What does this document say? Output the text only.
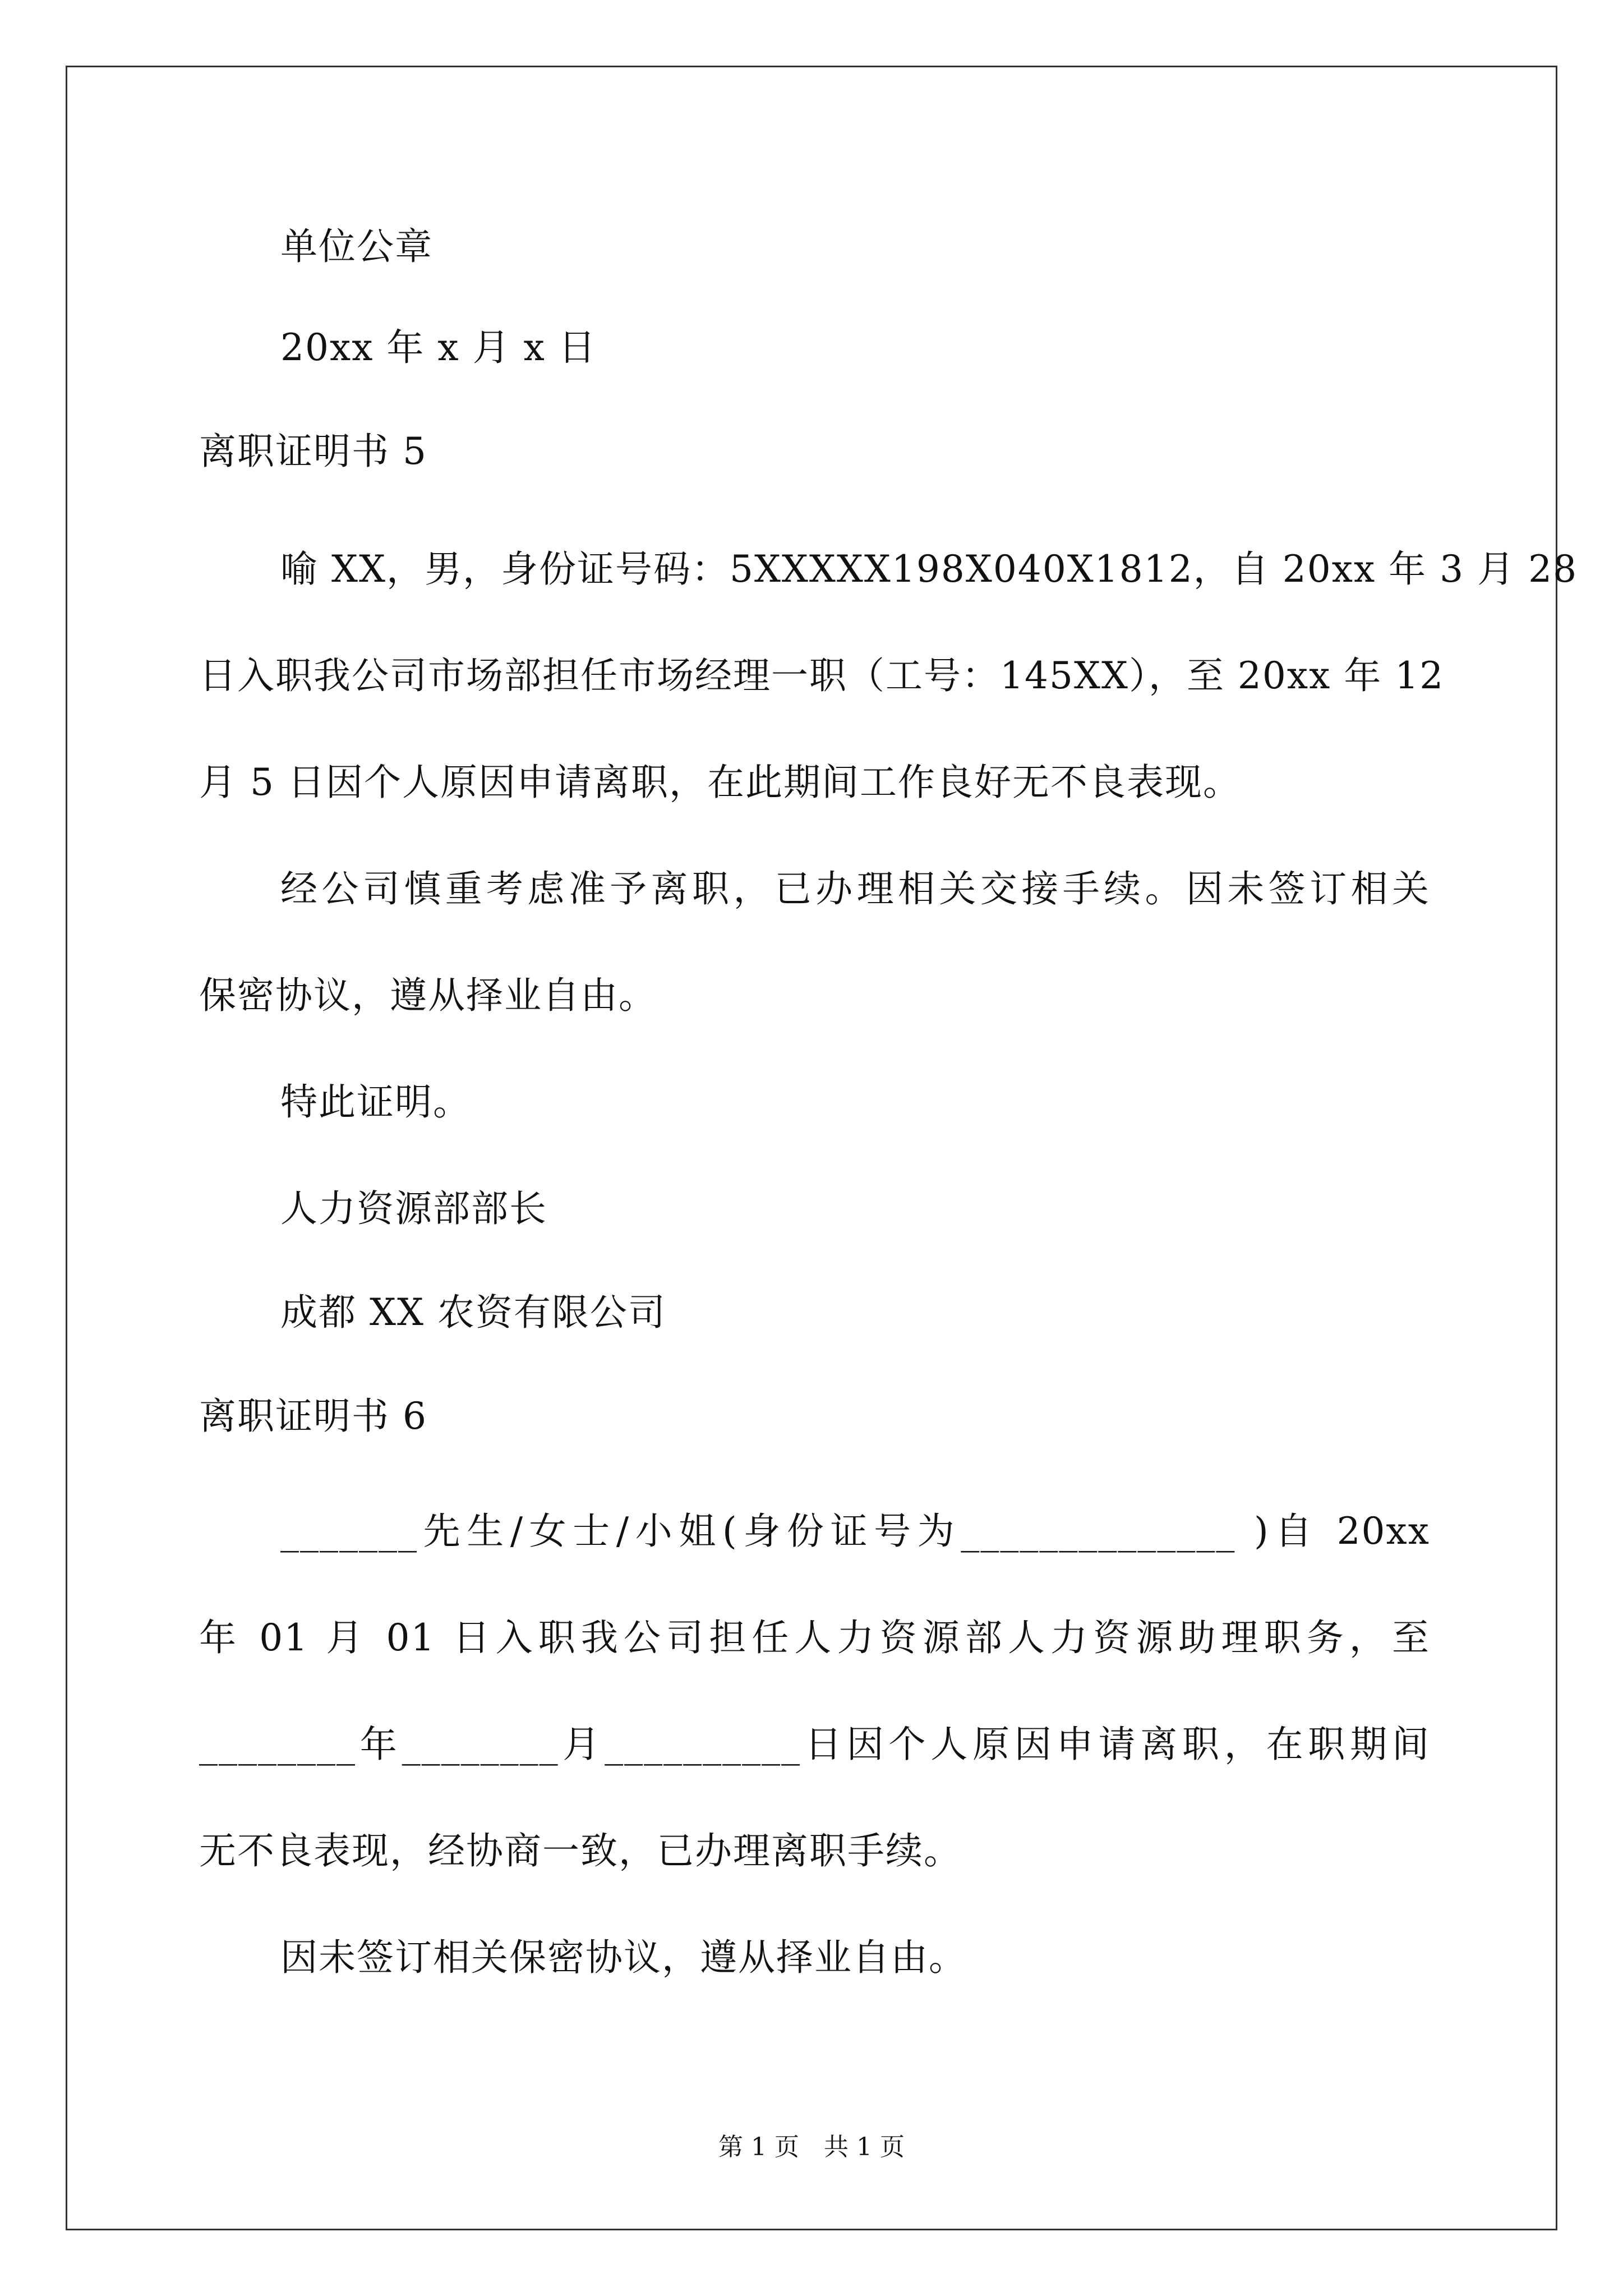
单位公章
20xx 年 x 月 x 日
离职证明书 5
喻 XX，男，身份证号码：5XXXXX198X040X1812，自 20xx 年 3 月 28
日入职我公司市场部担任市场经理一职（工号：145XX），至 20xx 年 12
月 5 日因个人原因申请离职，在此期间工作良好无不良表现。
经公司慎重考虑准予离职，已办理相关交接手续。因未签订相关
保密协议，遵从择业自由。
特此证明。
人力资源部部长
成都 XX 农资有限公司
离职证明书 6
_______先生/女士/小姐(身份证号为______________ )自 20xx
年 01 月 01 日入职我公司担任人力资源部人力资源助理职务，至
________年________月__________日因个人原因申请离职，在职期间
无不良表现，经协商一致，已办理离职手续。
因未签订相关保密协议，遵从择业自由。
第 1 页　共 1 页
